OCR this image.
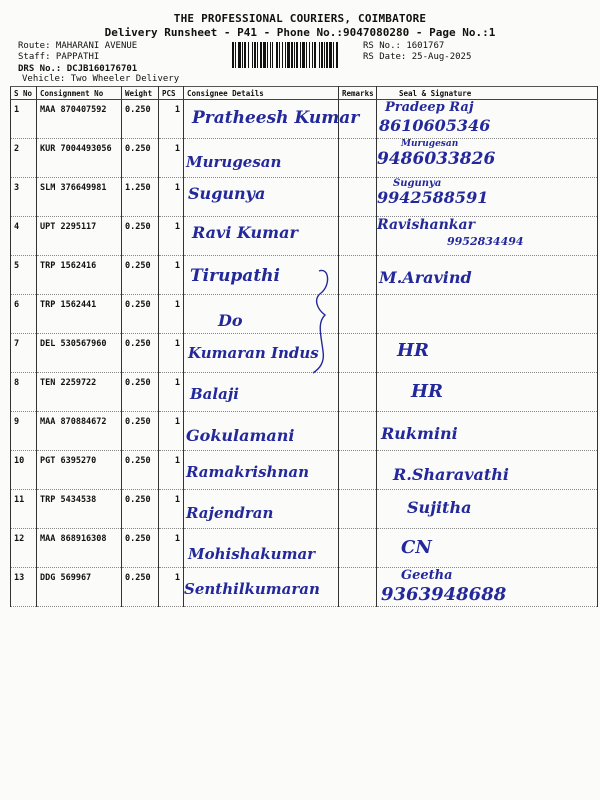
THE PROFESSIONAL COURIERS, COIMBATORE
Delivery Runsheet - P41 - Phone No.:9047080280 - Page No.:1
Route: MAHARANI AVENUE
Staff: PAPPATHI
DRS No.: DCJB160176701
Vehicle: Two Wheeler Delivery
RS No.: 1601767
RS Date: 25-Aug-2025
S No	Consignment No	Weight	PCS	Consignee Details	Remarks	Seal & Signature
1	MAA 870407592	0.250	1	Pratheesh Kumar		Pradeep Raj
8610605346

2	KUR 7004493056	0.250	1	Murugesan		Murugesan
9486033826

3	SLM 376649981	1.250	1	Sugunya		Sugunya
9942588591

4	UPT 2295117	0.250	1	Ravi Kumar		Ravishankar
9952834494

5	TRP 1562416	0.250	1	Tirupathi		M.Aravind

6	TRP 1562441	0.250	1	Do		

7	DEL 530567960	0.250	1	Kumaran Indus		HR

8	TEN 2259722	0.250	1	Balaji		HR

9	MAA 870884672	0.250	1	Gokulamani		Rukmini

10	PGT 6395270	0.250	1	Ramakrishnan		R.Sharavathi

11	TRP 5434538	0.250	1	Rajendran		Sujitha

12	MAA 868916308	0.250	1	Mohishakumar		CN

13	DDG 569967	0.250	1	Senthilkumaran		Geetha
9363948688
